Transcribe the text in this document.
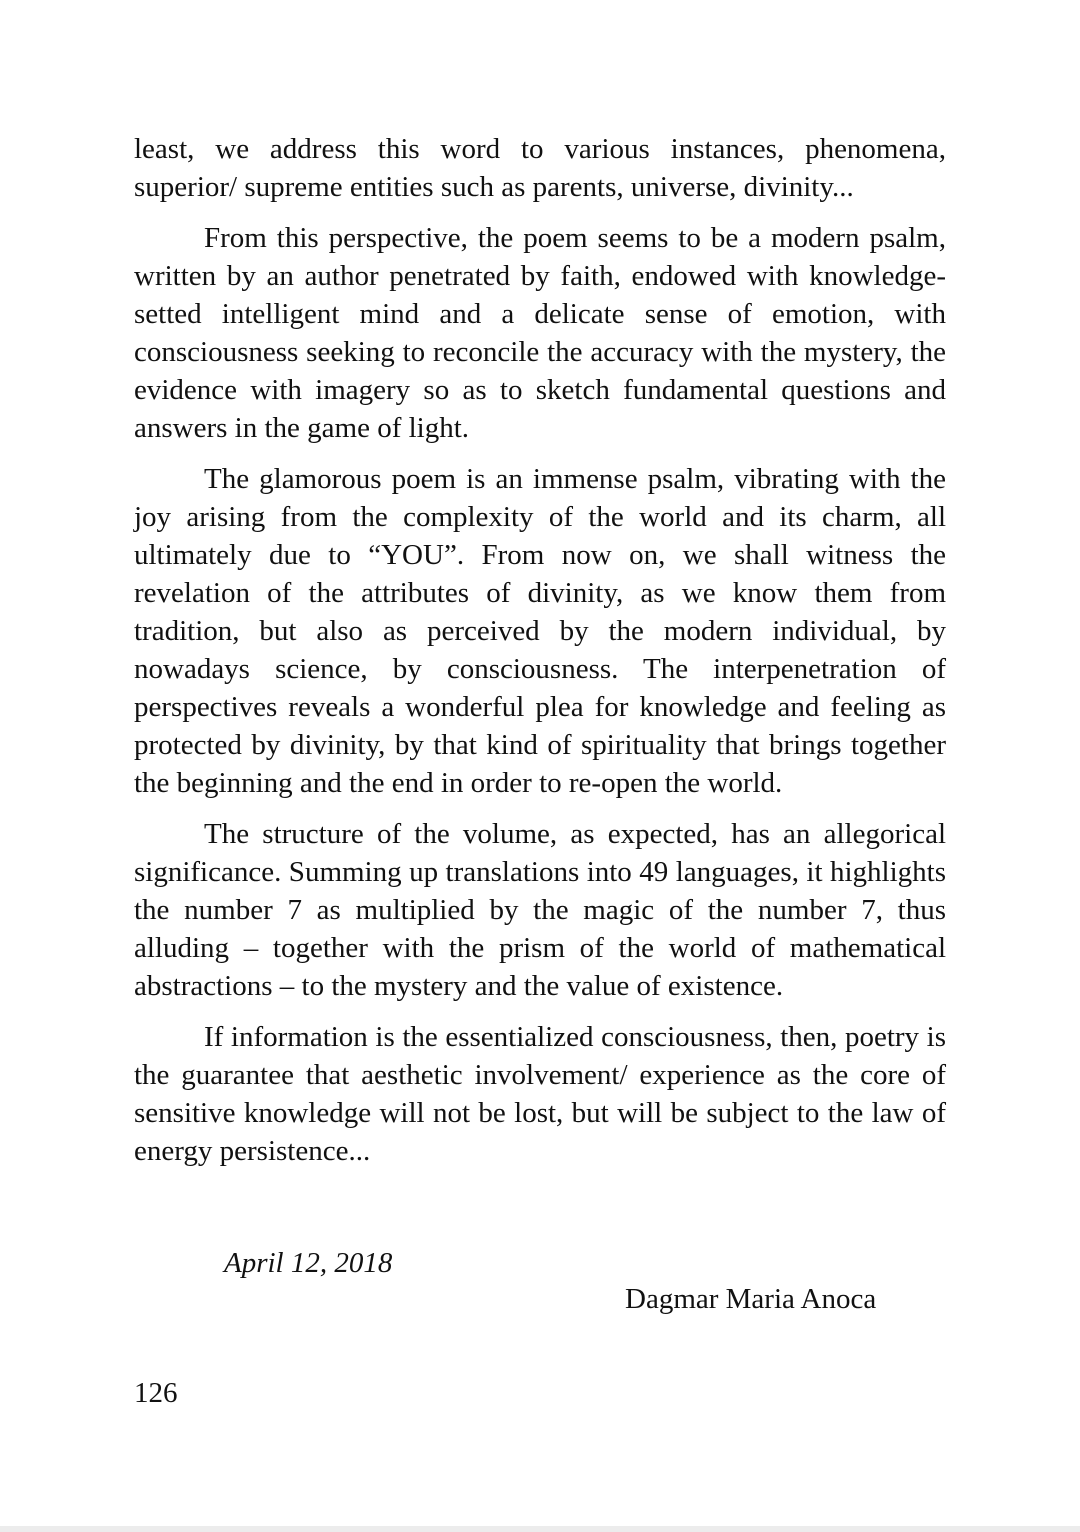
least, we address this word to various instances, phenomena, superior/ supreme entities such as parents, universe, divinity...

From this perspective, the poem seems to be a modern psalm, written by an author penetrated by faith, endowed with knowledge-setted intelligent mind and a delicate sense of emotion, with consciousness seeking to reconcile the accuracy with the mystery, the evidence with imagery so as to sketch fundamental questions and answers in the game of light.

The glamorous poem is an immense psalm, vibrating with the joy arising from the complexity of the world and its charm, all ultimately due to “YOU”. From now on, we shall witness the revelation of the attributes of divinity, as we know them from tradition, but also as perceived by the modern individual, by nowadays science, by consciousness. The interpenetration of perspectives reveals a wonderful plea for knowledge and feeling as protected by divinity, by that kind of spirituality that brings together the beginning and the end in order to re-open the world.

The structure of the volume, as expected, has an allegorical significance. Summing up translations into 49 languages, it highlights the number 7 as multiplied by the magic of the number 7, thus alluding – together with the prism of the world of mathematical abstractions – to the mystery and the value of existence.

If information is the essentialized consciousness, then, poetry is the guarantee that aesthetic involvement/ experience as the core of sensitive knowledge will not be lost, but will be subject to the law of energy persistence...

April 12, 2018
Dagmar Maria Anoca
126
